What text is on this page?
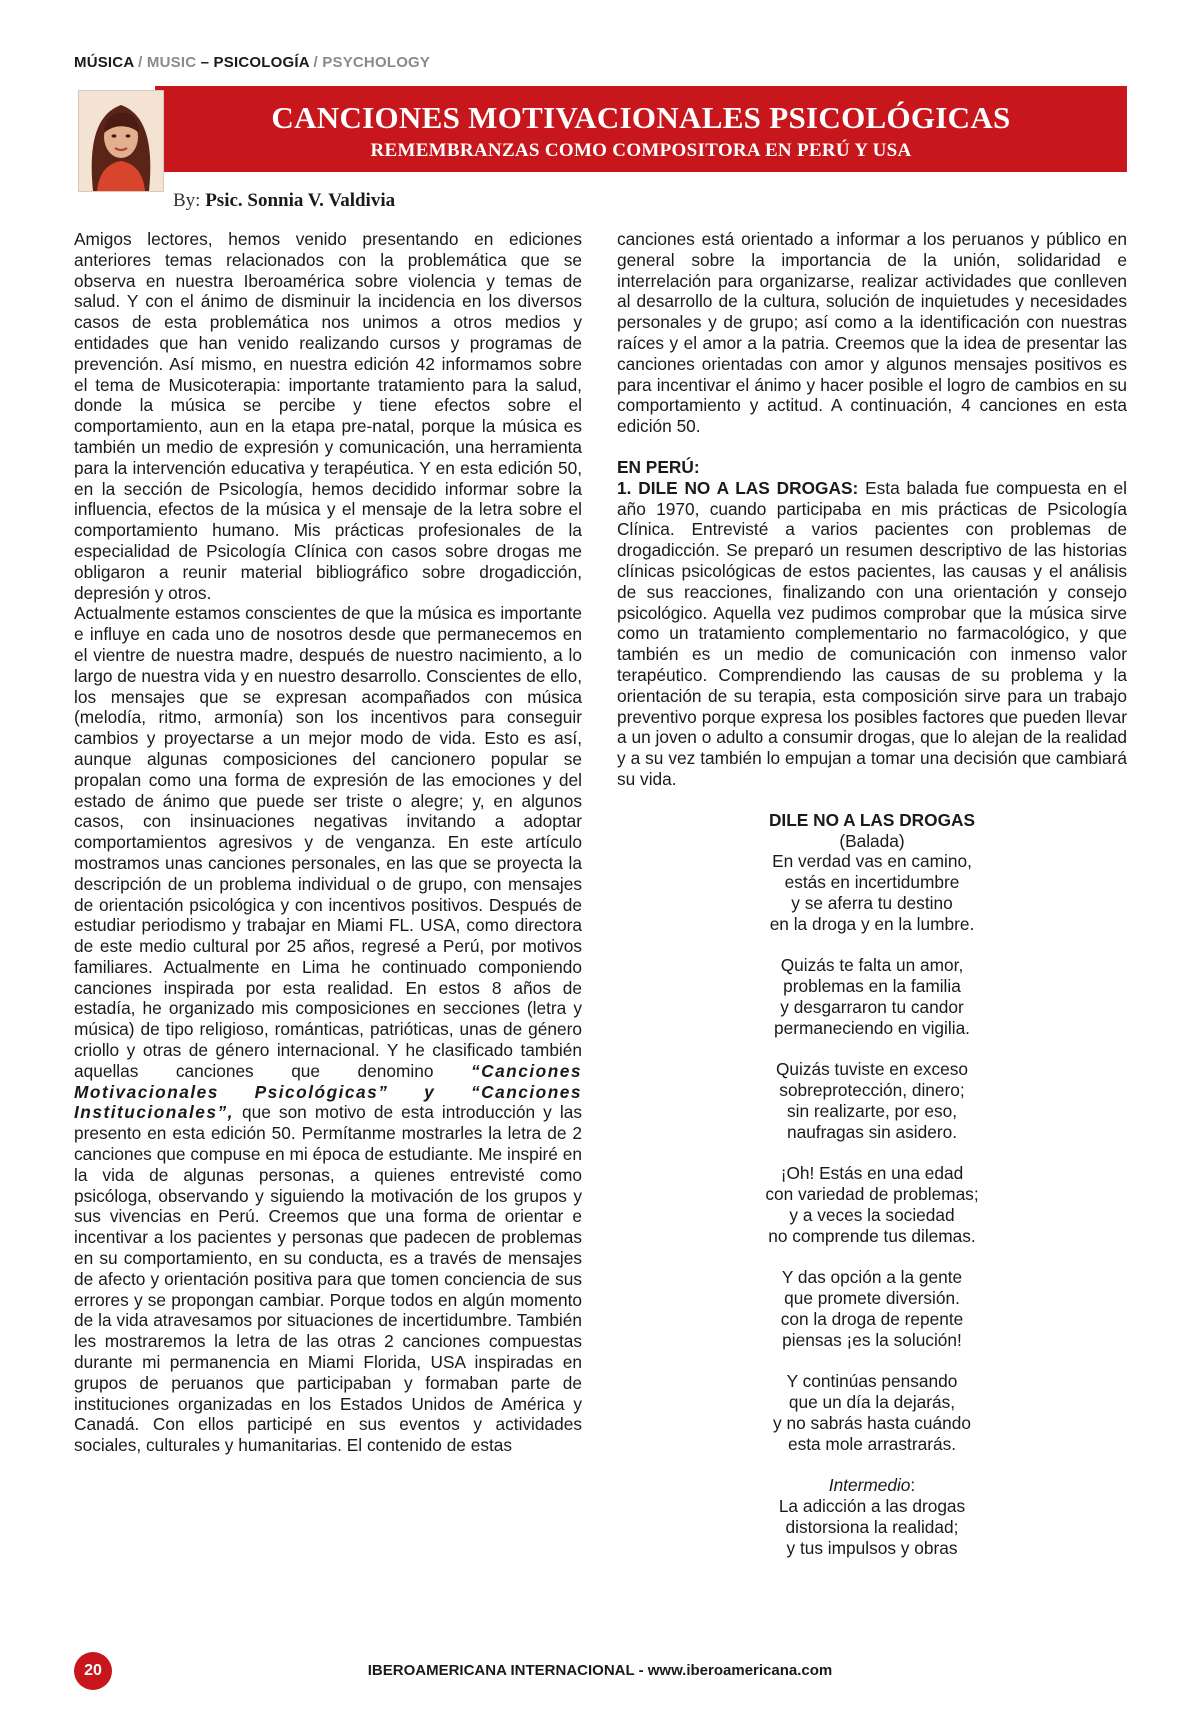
MÚSICA / MUSIC – PSICOLOGÍA / PSYCHOLOGY
CANCIONES MOTIVACIONALES PSICOLÓGICAS
REMEMBRANZAS COMO COMPOSITORA EN PERÚ Y USA
By: Psic. Sonnia V. Valdivia

Amigos lectores, hemos venido presentando en ediciones anteriores temas relacionados con la problemática que se observa en nuestra Iberoamérica sobre violencia y temas de salud. Y con el ánimo de disminuir la incidencia en los diversos casos de esta problemática nos unimos a otros medios y entidades que han venido realizando cursos y programas de prevención. Así mismo, en nuestra edición 42 informamos sobre el tema de Musicoterapia: importante tratamiento para la salud, donde la música se percibe y tiene efectos sobre el comportamiento, aun en la etapa pre-natal, porque la música es también un medio de expresión y comunicación, una herramienta para la intervención educativa y terapéutica. Y en esta edición 50, en la sección de Psicología, hemos decidido informar sobre la influencia, efectos de la música y el mensaje de la letra sobre el comportamiento humano. Mis prácticas profesionales de la especialidad de Psicología Clínica con casos sobre drogas me obligaron a reunir material bibliográfico sobre drogadicción, depresión y otros.

Actualmente estamos conscientes de que la música es importante e influye en cada uno de nosotros desde que permanecemos en el vientre de nuestra madre, después de nuestro nacimiento, a lo largo de nuestra vida y en nuestro desarrollo. Conscientes de ello, los mensajes que se expresan acompañados con música (melodía, ritmo, armonía) son los incentivos para conseguir cambios y proyectarse a un mejor modo de vida. Esto es así, aunque algunas composiciones del cancionero popular se propalan como una forma de expresión de las emociones y del estado de ánimo que puede ser triste o alegre; y, en algunos casos, con insinuaciones negativas invitando a adoptar comportamientos agresivos y de venganza. En este artículo mostramos unas canciones personales, en las que se proyecta la descripción de un problema individual o de grupo, con mensajes de orientación psicológica y con incentivos positivos. Después de estudiar periodismo y trabajar en Miami FL. USA, como directora de este medio cultural por 25 años, regresé a Perú, por motivos familiares. Actualmente en Lima he continuado componiendo canciones inspirada por esta realidad. En estos 8 años de estadía, he organizado mis composiciones en secciones (letra y música) de tipo religioso, románticas, patrióticas, unas de género criollo y otras de género internacional. Y he clasificado también aquellas canciones que denomino “Canciones Motivacionales Psicológicas” y “Canciones Institucionales”, que son motivo de esta introducción y las presento en esta edición 50. Permítanme mostrarles la letra de 2 canciones que compuse en mi época de estudiante. Me inspiré en la vida de algunas personas, a quienes entrevisté como psicóloga, observando y siguiendo la motivación de los grupos y sus vivencias en Perú. Creemos que una forma de orientar e incentivar a los pacientes y personas que padecen de problemas en su comportamiento, en su conducta, es a través de mensajes de afecto y orientación positiva para que tomen conciencia de sus errores y se propongan cambiar. Porque todos en algún momento de la vida atravesamos por situaciones de incertidumbre. También les mostraremos la letra de las otras 2 canciones compuestas durante mi permanencia en Miami Florida, USA inspiradas en grupos de peruanos que participaban y formaban parte de instituciones organizadas en los Estados Unidos de América y Canadá. Con ellos participé en sus eventos y actividades sociales, culturales y humanitarias. El contenido de estas

canciones está orientado a informar a los peruanos y público en general sobre la importancia de la unión, solidaridad e interrelación para organizarse, realizar actividades que conlleven al desarrollo de la cultura, solución de inquietudes y necesidades personales y de grupo; así como a la identificación con nuestras raíces y el amor a la patria. Creemos que la idea de presentar las canciones orientadas con amor y algunos mensajes positivos es para incentivar el ánimo y hacer posible el logro de cambios en su comportamiento y actitud. A continuación, 4 canciones en esta edición 50.

EN PERÚ:

1. DILE NO A LAS DROGAS: Esta balada fue compuesta en el año 1970, cuando participaba en mis prácticas de Psicología Clínica. Entrevisté a varios pacientes con problemas de drogadicción. Se preparó un resumen descriptivo de las historias clínicas psicológicas de estos pacientes, las causas y el análisis de sus reacciones, finalizando con una orientación y consejo psicológico. Aquella vez pudimos comprobar que la música sirve como un tratamiento complementario no farmacológico, y que también es un medio de comunicación con inmenso valor terapéutico. Comprendiendo las causas de su problema y la orientación de su terapia, esta composición sirve para un trabajo preventivo porque expresa los posibles factores que pueden llevar a un joven o adulto a consumir drogas, que lo alejan de la realidad y a su vez también lo empujan a tomar una decisión que cambiará su vida.

DILE NO A LAS DROGAS
(Balada)
En verdad vas en camino,
estás en incertidumbre
y se aferra tu destino
en la droga y en la lumbre.
Quizás te falta un amor,
problemas en la familia
y desgarraron tu candor
permaneciendo en vigilia.
Quizás tuviste en exceso
sobreprotección, dinero;
sin realizarte, por eso,
naufragas sin asidero.
¡Oh! Estás en una edad
con variedad de problemas;
y a veces la sociedad
no comprende tus dilemas.
Y das opción a la gente
que promete diversión.
con la droga de repente
piensas ¡es la solución!
Y continúas pensando
que un día la dejarás,
y no sabrás hasta cuándo
esta mole arrastrarás.
Intermedio:
La adicción a las drogas
distorsiona la realidad;
y tus impulsos y obras
20	IBEROAMERICANA INTERNACIONAL - www.iberoamericana.com
